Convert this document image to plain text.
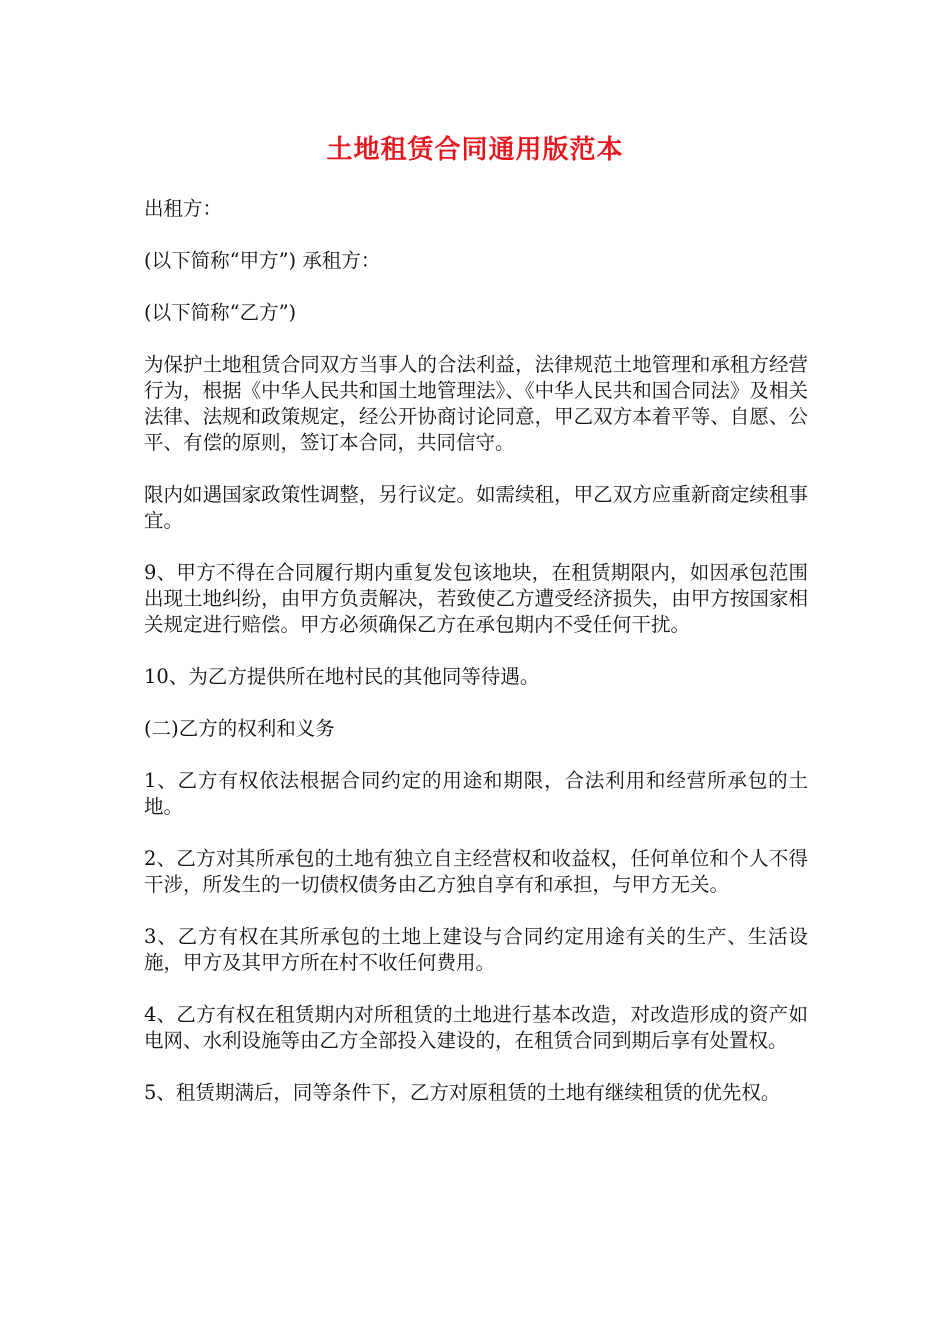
土地租赁合同通用版范本

出租方：

(以下简称“甲方”) 承租方：

(以下简称“乙方”)

为保护土地租赁合同双方当事人的合法利益，法律规范土地管理和承租方经营行为，根据《中华人民共和国土地管理法》、《中华人民共和国合同法》及相关法律、法规和政策规定，经公开协商讨论同意，甲乙双方本着平等、自愿、公平、有偿的原则，签订本合同，共同信守。

限内如遇国家政策性调整，另行议定。如需续租，甲乙双方应重新商定续租事宜。

9、甲方不得在合同履行期内重复发包该地块，在租赁期限内，如因承包范围出现土地纠纷，由甲方负责解决，若致使乙方遭受经济损失，由甲方按国家相关规定进行赔偿。甲方必须确保乙方在承包期内不受任何干扰。

10、为乙方提供所在地村民的其他同等待遇。

(二)乙方的权利和义务

1、乙方有权依法根据合同约定的用途和期限，合法利用和经营所承包的土地。

2、乙方对其所承包的土地有独立自主经营权和收益权，任何单位和个人不得干涉，所发生的一切债权债务由乙方独自享有和承担，与甲方无关。

3、乙方有权在其所承包的土地上建设与合同约定用途有关的生产、生活设施，甲方及其甲方所在村不收任何费用。

4、乙方有权在租赁期内对所租赁的土地进行基本改造，对改造形成的资产如电网、水利设施等由乙方全部投入建设的，在租赁合同到期后享有处置权。

5、租赁期满后，同等条件下，乙方对原租赁的土地有继续租赁的优先权。
